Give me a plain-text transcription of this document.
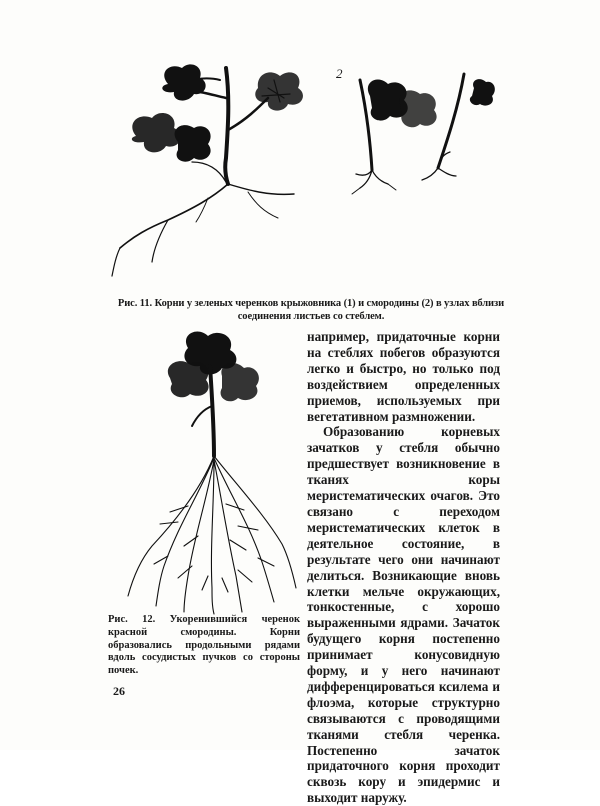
2
Рис. 11. Корни у зеленых черенков крыжовника (1) и смородины (2) в узлах вблизи соединения листьев со стеблем.
Рис. 12. Укоренившийся черенок красной смородины. Корни образовались продольными рядами вдоль сосудистых пучков со стороны почек.

например, придаточные корни на стеблях побегов образуются легко и быстро, но только под воздействием определенных приемов, используемых при вегетативном размножении.

Образованию корневых зачатков у стебля обычно предшествует возникновение в тканях коры меристематических очагов. Это связано с переходом меристематических клеток в деятельное состояние, в результате чего они начинают делиться. Возникающие вновь клетки мельче окружающих, тонкостенные, с хорошо выраженными ядрами. Зачаток будущего корня постепенно принимает конусовидную форму, и у него начинают дифференцироваться ксилема и флоэма, которые структурно связываются с проводящими тканями стебля черенка. Постепенно зачаток придаточного корня проходит сквозь кору и эпидермис и выходит наружу.

26
